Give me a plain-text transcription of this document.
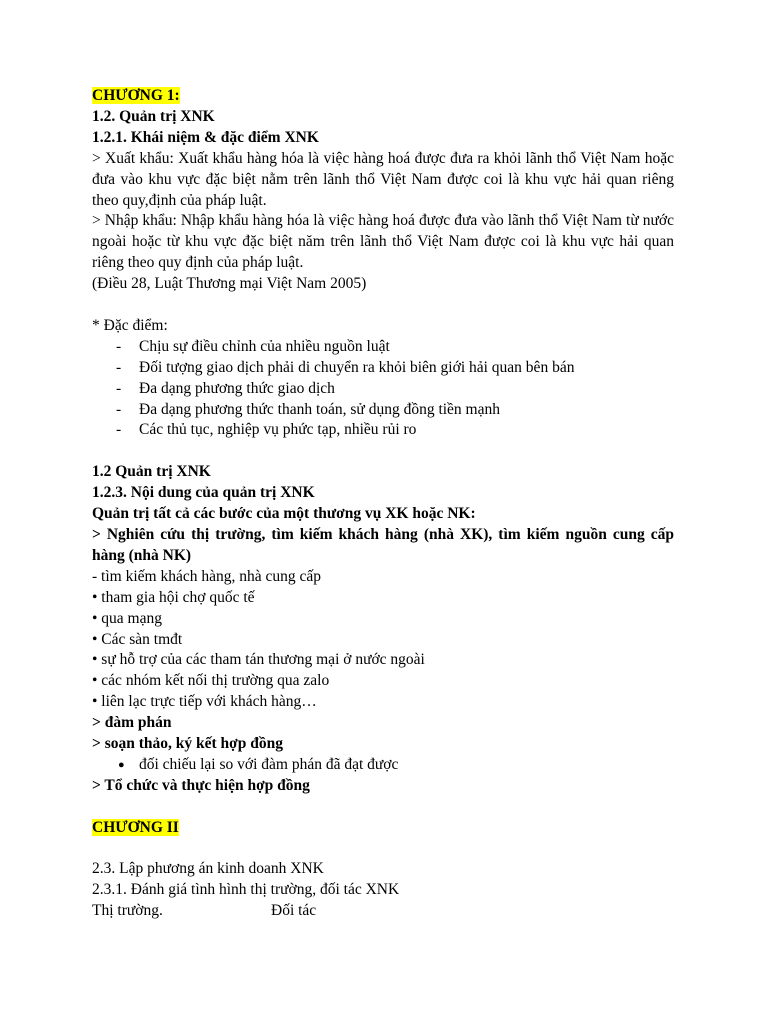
CHƯƠNG 1:
1.2. Quản trị XNK
1.2.1. Khái niệm & đặc điểm XNK
> Xuất khẩu: Xuất khẩu hàng hóa là việc hàng hoá được đưa ra khỏi lãnh thổ Việt Nam hoặc đưa vào khu vực đặc biệt nằm trên lãnh thổ Việt Nam được coi là khu vực hải quan riêng theo quy,định của pháp luật.
> Nhập khẩu: Nhập khẩu hàng hóa là việc hàng hoá được đưa vào lãnh thổ Việt Nam từ nước ngoài hoặc từ khu vực đặc biệt năm trên lãnh thổ Việt Nam được coi là khu vực hải quan riêng theo quy định của pháp luật.
(Điều 28, Luật Thương mại Việt Nam 2005)
* Đặc điểm:
- Chịu sự điều chỉnh của nhiều nguồn luật
- Đối tượng giao dịch phải di chuyển ra khỏi biên giới hải quan bên bán
- Đa dạng phương thức giao dịch
- Đa dạng phương thức thanh toán, sử dụng đồng tiền mạnh
- Các thủ tục, nghiệp vụ phức tạp, nhiều rủi ro
1.2 Quản trị XNK
1.2.3. Nội dung của quản trị XNK
Quản trị tất cả các bước của một thương vụ XK hoặc NK:
> Nghiên cứu thị trường, tìm kiếm khách hàng (nhà XK), tìm kiếm nguồn cung cấp hàng (nhà NK)
- tìm kiếm khách hàng, nhà cung cấp
• tham gia hội chợ quốc tế
• qua mạng
• Các sàn tmđt
• sự hỗ trợ của các tham tán thương mại ở nước ngoài
• các nhóm kết nối thị trường qua zalo
• liên lạc trực tiếp với khách hàng…
> đàm phán
> soạn thảo, ký kết hợp đồng
● đối chiếu lại so với đàm phán đã đạt được
> Tổ chức và thực hiện hợp đồng
CHƯƠNG II
2.3. Lập phương án kinh doanh XNK
2.3.1. Đánh giá tình hình thị trường, đối tác XNK
Thị trường.	Đối tác
